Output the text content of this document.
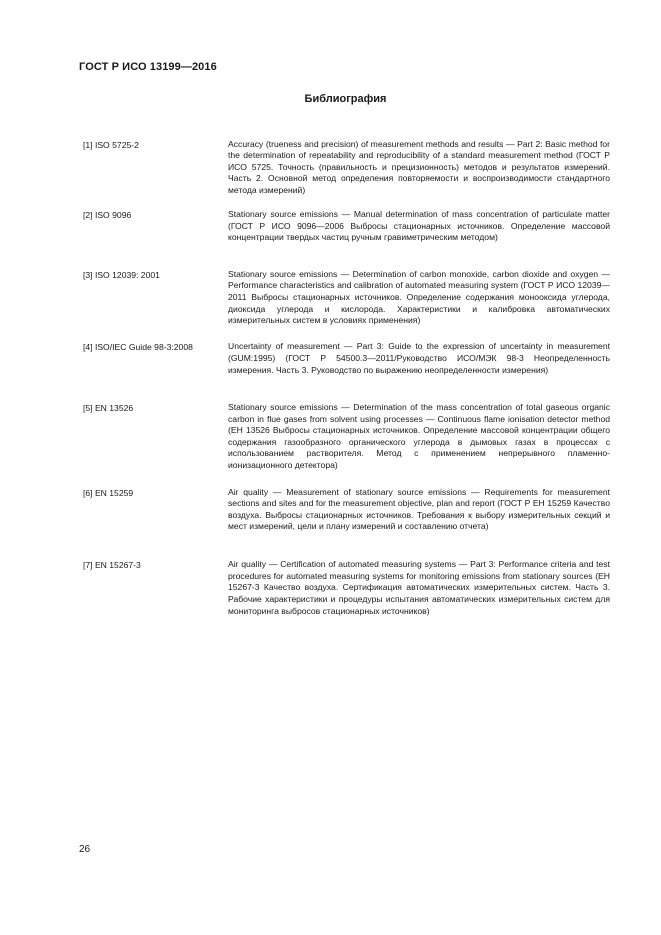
ГОСТ Р ИСО 13199—2016
Библиография
[1] ISO 5725-2	Accuracy (trueness and precision) of measurement methods and results — Part 2: Basic method for the determination of repeatability and reproducibility of a standard measurement method (ГОСТ Р ИСО 5725. Точность (правильность и прецизионность) методов и результатов измерений. Часть 2. Основной метод определения повторяемости и воспроизводимости стандартного метода измерений)

[2] ISO 9096	Stationary source emissions — Manual determination of mass concentration of particulate matter (ГОСТ Р ИСО 9096—2006 Выбросы стационарных источников. Определение массовой концентрации твердых частиц ручным гравиметрическим методом)

[3] ISO 12039: 2001	Stationary source emissions — Determination of carbon monoxide, carbon dioxide and oxygen — Performance characteristics and calibration of automated measuring system (ГОСТ Р ИСО 12039—2011 Выбросы стационарных источников. Определение содержания монооксида углерода, диоксида углерода и кислорода. Характеристики и калибровка автоматических измерительных систем в условиях применения)

[4] ISO/IEC Guide 98-3:2008	Uncertainty of measurement — Part 3: Guide to the expression of uncertainty in measurement (GUM:1995) (ГОСТ Р 54500.3—2011/Руководство ИСО/МЭК 98-3 Неопределенность измерения. Часть 3. Руководство по выражению неопределенности измерения)

[5] EN 13526	Stationary source emissions — Determination of the mass concentration of total gaseous organic carbon in flue gases from solvent using processes — Continuous flame ionisation detector method (ЕН 13526 Выбросы стационарных источников. Определение массовой концентрации общего содержания газообразного органического углерода в дымовых газах в процессах с использованием растворителя. Метод с применением непрерывного пламенно-ионизационного детектора)

[6] EN 15259	Air quality — Measurement of stationary source emissions — Requirements for measurement sections and sites and for the measurement objective, plan and report (ГОСТ Р ЕН 15259 Качество воздуха. Выбросы стационарных источников. Требования к выбору измерительных секций и мест измерений, цели и плану измерений и составлению отчета)

[7] EN 15267-3	Air quality — Certification of automated measuring systems — Part 3: Performance criteria and test procedures for automated measuring systems for monitoring emissions from stationary sources (ЕН 15267-3 Качество воздуха. Сертификация автоматических измерительных систем. Часть 3. Рабочие характеристики и процедуры испытания автоматических измерительных систем для мониторинга выбросов стационарных источников)

26
